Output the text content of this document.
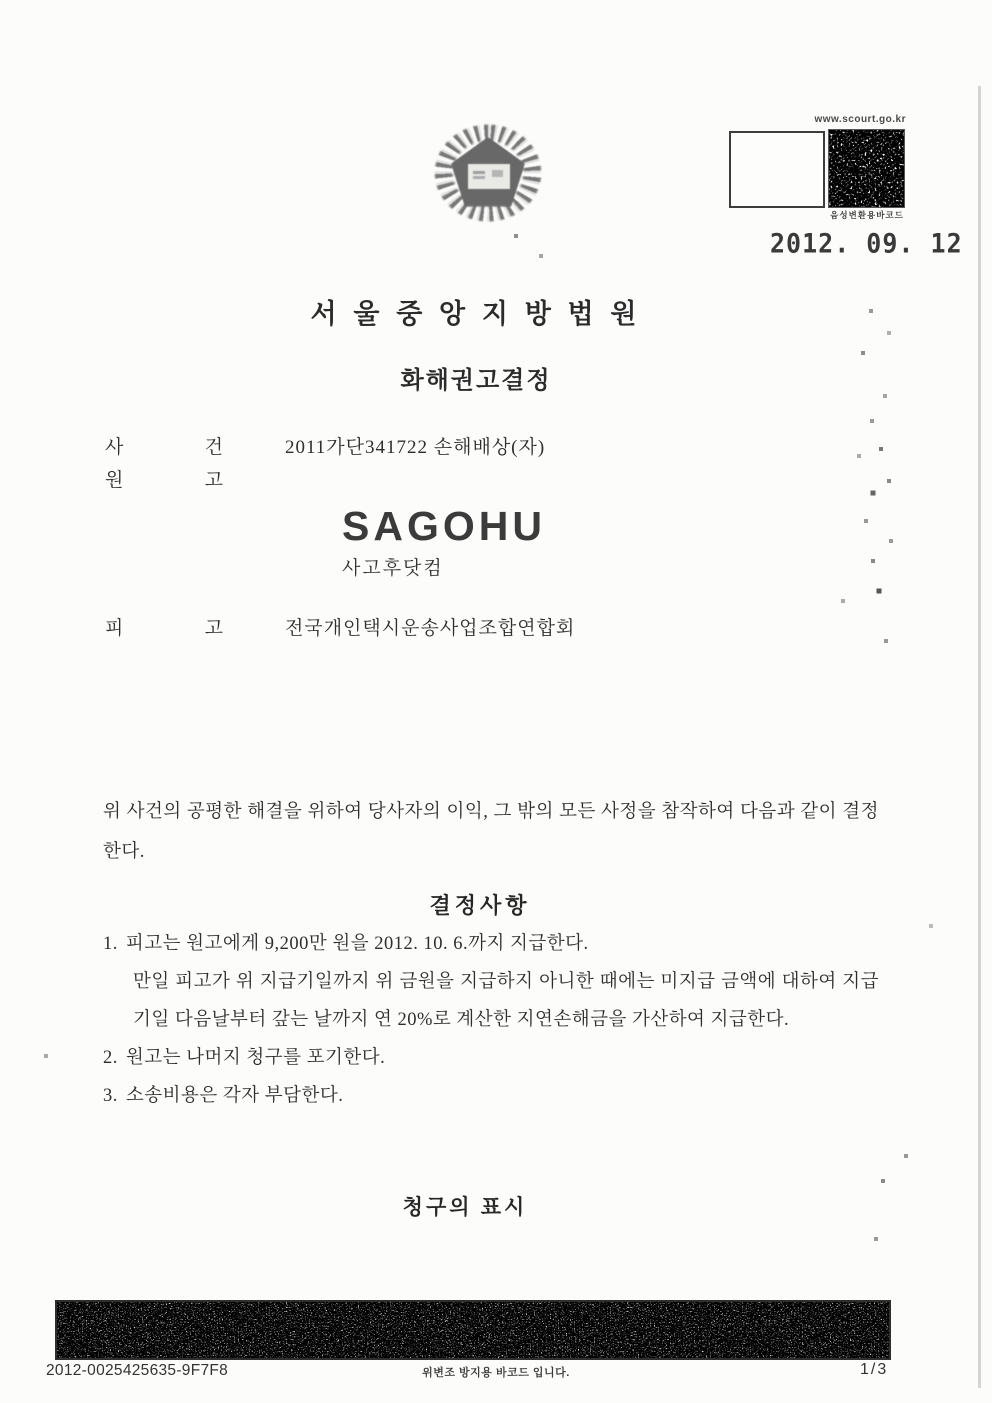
www.scourt.go.kr
음성변환용바코드
2012. 09. 12
서 울 중 앙 지 방 법 원
화해권고결정
사	건	2011가단341722 손해배상(자)
원	고
SAGOHU
사고후닷컴
피	고	전국개인택시운송사업조합연합회
위 사건의 공평한 해결을 위하여 당사자의 이익, 그 밖의 모든 사정을 참작하여 다음과 같이 결정한다.
결정사항
1. 피고는 원고에게 9,200만 원을 2012. 10. 6.까지 지급한다.
만일 피고가 위 지급기일까지 위 금원을 지급하지 아니한 때에는 미지급 금액에 대하여 지급기일 다음날부터 갚는 날까지 연 20%로 계산한 지연손해금을 가산하여 지급한다.
2. 원고는 나머지 청구를 포기한다.
3. 소송비용은 각자 부담한다.
청구의 표시
2012-0025425635-9F7F8	위변조 방지용 바코드 입니다.	1/3
